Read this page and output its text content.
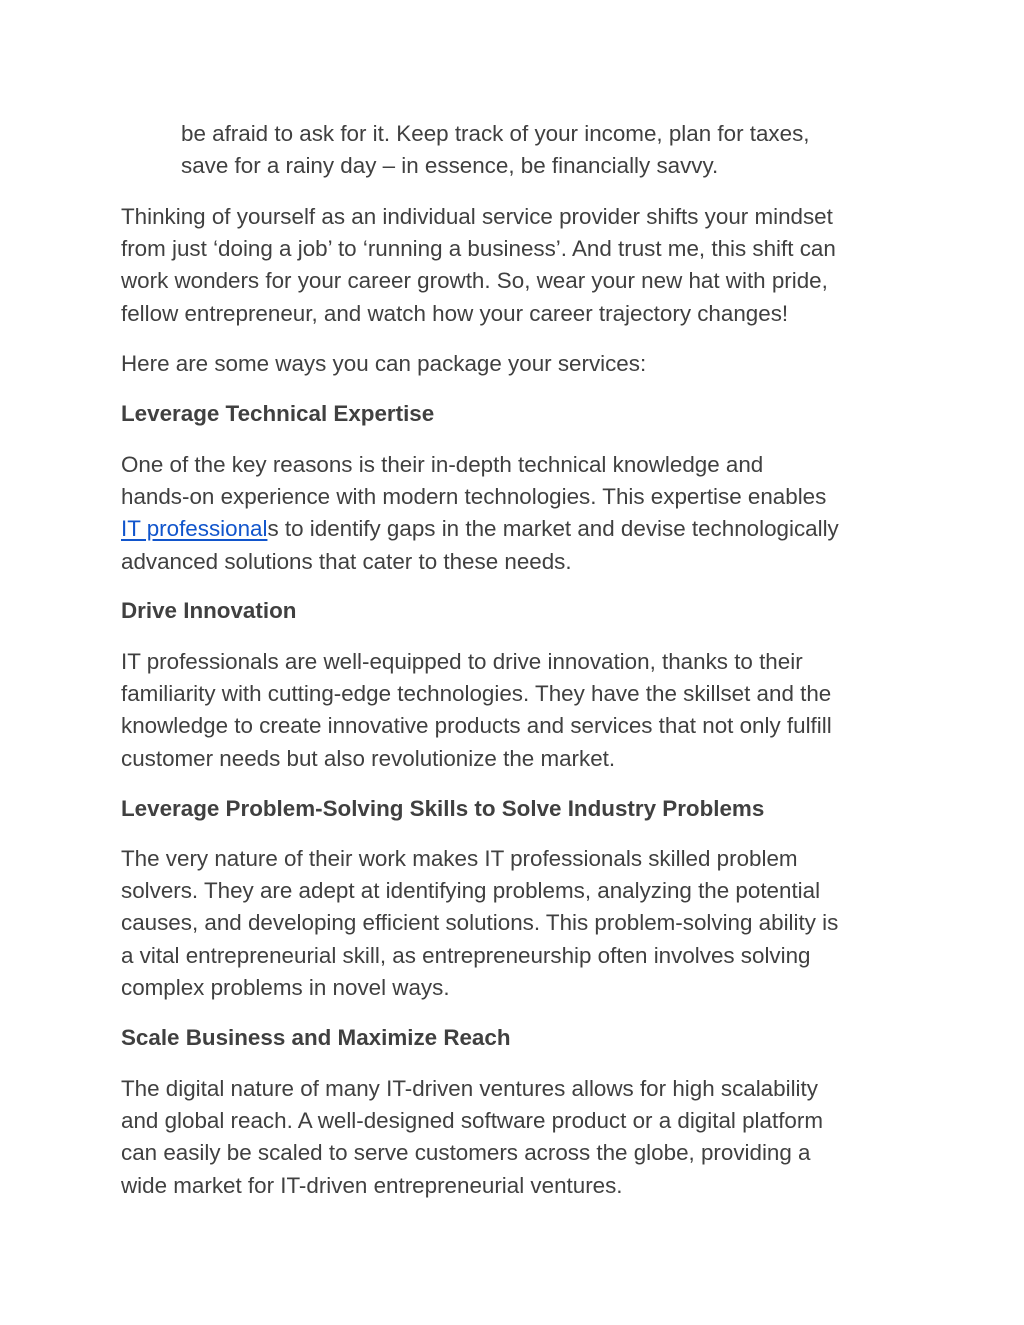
be afraid to ask for it. Keep track of your income, plan for taxes,
save for a rainy day – in essence, be financially savvy.

Thinking of yourself as an individual service provider shifts your mindset
from just ‘doing a job’ to ‘running a business’. And trust me, this shift can
work wonders for your career growth. So, wear your new hat with pride,
fellow entrepreneur, and watch how your career trajectory changes!

Here are some ways you can package your services:

Leverage Technical Expertise

One of the key reasons is their in-depth technical knowledge and
hands-on experience with modern technologies. This expertise enables
IT professionals to identify gaps in the market and devise technologically
advanced solutions that cater to these needs.

Drive Innovation

IT professionals are well-equipped to drive innovation, thanks to their
familiarity with cutting-edge technologies. They have the skillset and the
knowledge to create innovative products and services that not only fulfill
customer needs but also revolutionize the market.

Leverage Problem-Solving Skills to Solve Industry Problems

The very nature of their work makes IT professionals skilled problem
solvers. They are adept at identifying problems, analyzing the potential
causes, and developing efficient solutions. This problem-solving ability is
a vital entrepreneurial skill, as entrepreneurship often involves solving
complex problems in novel ways.

Scale Business and Maximize Reach

The digital nature of many IT-driven ventures allows for high scalability
and global reach. A well-designed software product or a digital platform
can easily be scaled to serve customers across the globe, providing a
wide market for IT-driven entrepreneurial ventures.
